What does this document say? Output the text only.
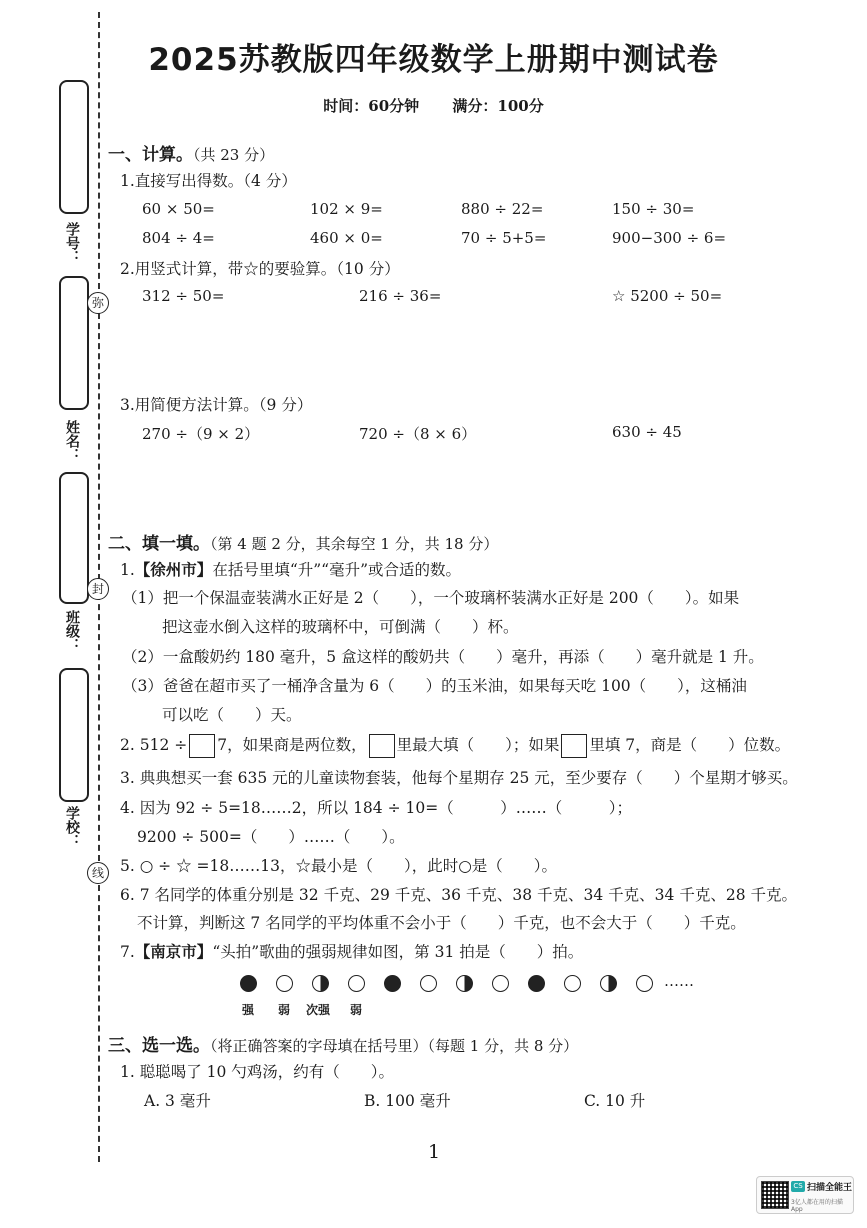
学号：
姓名：
班级：
学校：
弥
封
线
2025苏教版四年级数学上册期中测试卷
时间：60分钟 满分：100分
一、计算。（共 23 分）
1.直接写出得数。（4 分）
60 × 50=	102 × 9=	880 ÷ 22=	150 ÷ 30=
804 ÷ 4=	460 × 0=	70 ÷ 5+5=	900−300 ÷ 6=
2.用竖式计算，带☆的要验算。（10 分）
312 ÷ 50=	216 ÷ 36=	☆ 5200 ÷ 50=
3.用简便方法计算。（9 分）
270 ÷（9 × 2）	720 ÷（8 × 6）	630 ÷ 45
二、填一填。（第 4 题 2 分，其余每空 1 分，共 18 分）
1.【徐州市】在括号里填“升”“毫升”或合适的数。
（1）把一个保温壶装满水正好是 2（　　），一个玻璃杯装满水正好是 200（　　）。如果
把这壶水倒入这样的玻璃杯中，可倒满（　　）杯。
（2）一盒酸奶约 180 毫升，5 盒这样的酸奶共（　　）毫升，再添（　　）毫升就是 1 升。
（3）爸爸在超市买了一桶净含量为 6（　　）的玉米油，如果每天吃 100（　　），这桶油
可以吃（　　）天。
2. 512 ÷ 7，如果商是两位数， 里最大填（　　）；如果 里填 7，商是（　　）位数。
3. 典典想买一套 635 元的儿童读物套装，他每个星期存 25 元，至少要存（　　）个星期才够买。
4. 因为 92 ÷ 5=18……2，所以 184 ÷ 10=（　　　）……（　　　）；
9200 ÷ 500=（　　）……（　　）。
5. ○ ÷ ☆ =18……13，☆最小是（　　），此时○是（　　）。
6. 7 名同学的体重分别是 32 千克、29 千克、36 千克、38 千克、34 千克、34 千克、28 千克。
不计算，判断这 7 名同学的平均体重不会小于（　　）千克，也不会大于（　　）千克。
7.【南京市】“头拍”歌曲的强弱规律如图，第 31 拍是（　　）拍。
……
强 弱 次强 弱
三、选一选。（将正确答案的字母填在括号里）（每题 1 分，共 8 分）
1. 聪聪喝了 10 勺鸡汤，约有（　　）。
A. 3 毫升	B. 100 毫升	C. 10 升
1
CS 扫描全能王
3亿人都在用的扫描App
